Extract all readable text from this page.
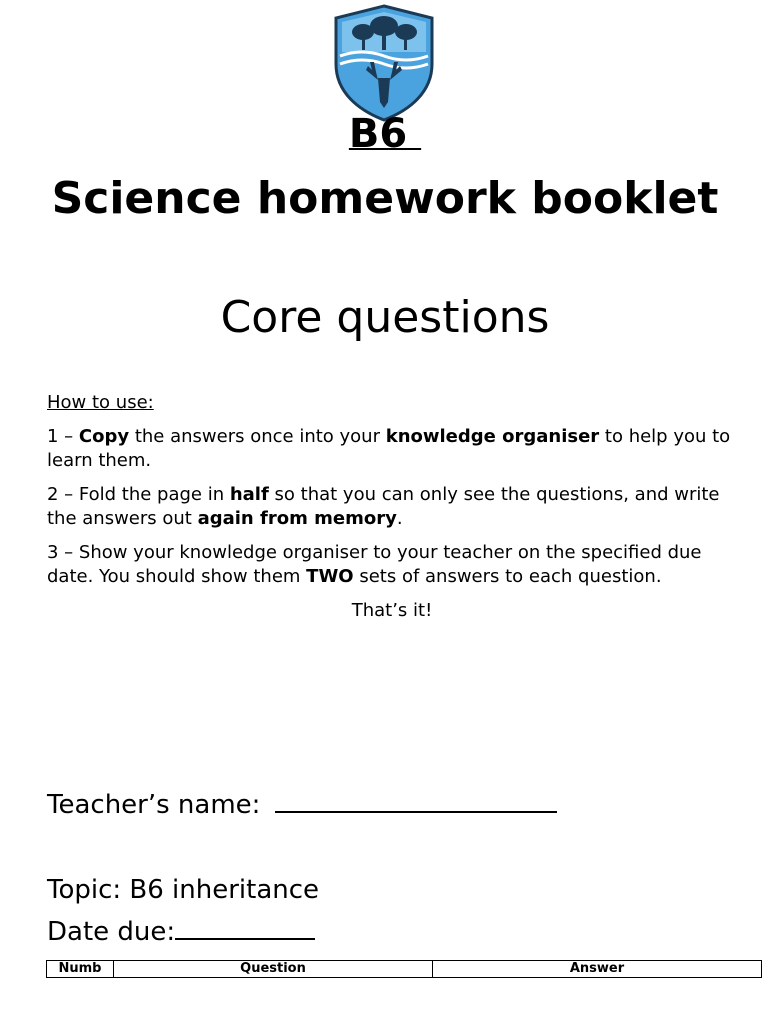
B6
Science homework booklet
Core questions
How to use:
1 – Copy the answers once into your knowledge organiser to help you to learn them.
2 – Fold the page in half so that you can only see the questions, and write the answers out again from memory.
3 – Show your knowledge organiser to your teacher on the specified due date. You should show them TWO sets of answers to each question.
That’s it!
Teacher’s name:
Topic: B6 inheritance
Date due:
Numb	Question	Answer
